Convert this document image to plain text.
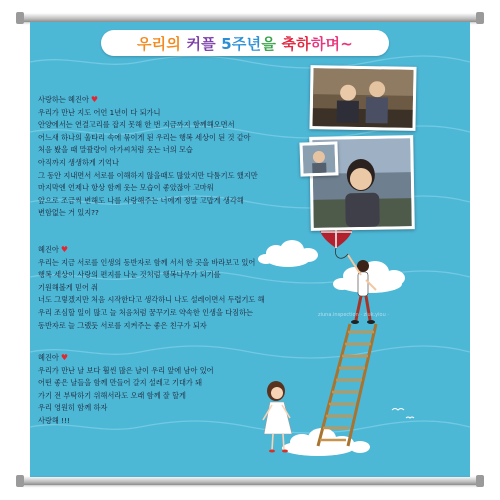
우리의 커플 5주년을 축하하며~
ziuna.inspection · ziuk.yiou ·
사랑하는 혜진아 ♥
우리가 만난 지도 어언 1년이 다 되가니
안양에서는 연결고리를 잡지 못해 한 번 지금까지 함께해오면서
어느새 하나의 울타리 속에 묶이게 된 우리는 행복 세상이 된 것 같아
처음 봤을 때 말괄량이 아가씨처럼 웃는 너의 모습
아직까지 생생하게 기억나
그 동안 지내면서 서로를 이해하지 않을때도 많았지만 다툼기도 했지만
마지막엔 언제나 항상 함께 웃는 모습이 좋았잖아 고마워
앞으로 조금씩 변해도 나를 사랑해주는 너에게 정말 고맙게 생각해
변함없는 거 있지??
혜진아 ♥
우리는 지금 서로를 인생의 동반자로 함께 서서 한 곳을 바라보고 있어
행복 세상이 사랑의 편지를 나눈 것처럼 행복나무가 되기를
기원해볼게 믿어 줘
너도 그렇겠지만 처음 시작한다고 생각하니 나도 설레이면서 두렵기도 해
우리 조심할 일이 많고 늘 처음처럼 꿈꾸기로 약속한 인생을 다짐하는
동반자로 늘 그랬듯 서로를 지켜주는 좋은 친구가 되자
혜진아 ♥
우리가 만난 날 보다 훨씬 많은 날이 우리 앞에 남아 있어
어떤 좋은 날들을 함께 만들어 갈지 설레고 기대가 돼
가기 전 부탁하기 위해서라도 오래 함께 잘 할게
우리 영원히 함께 하자
사랑해 !!!
